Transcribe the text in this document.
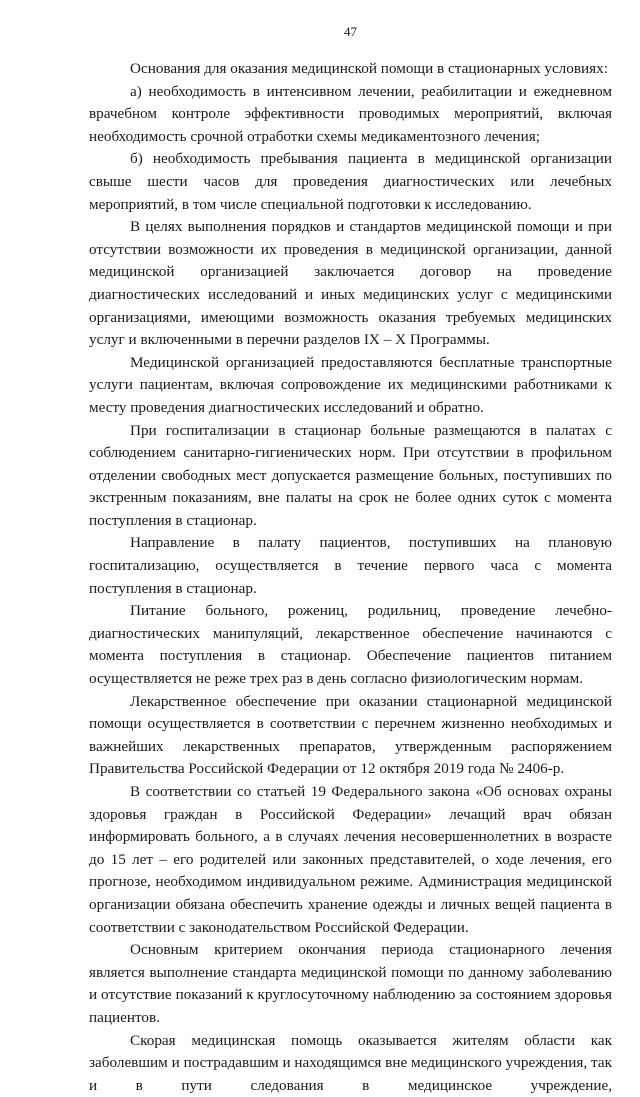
47

Основания для оказания медицинской помощи в стационарных условиях:

а) необходимость в интенсивном лечении, реабилитации и ежедневном врачебном контроле эффективности проводимых мероприятий, включая необходимость срочной отработки схемы медикаментозного лечения;

б) необходимость пребывания пациента в медицинской организации свыше шести часов для проведения диагностических или лечебных мероприятий, в том числе специальной подготовки к исследованию.

В целях выполнения порядков и стандартов медицинской помощи и при отсутствии возможности их проведения в медицинской организации, данной медицинской организацией заключается договор на проведение диагностических исследований и иных медицинских услуг с медицинскими организациями, имеющими возможность оказания требуемых медицинских услуг и включенными в перечни разделов IX – X Программы.

Медицинской организацией предоставляются бесплатные транспортные услуги пациентам, включая сопровождение их медицинскими работниками к месту проведения диагностических исследований и обратно.

При госпитализации в стационар больные размещаются в палатах с соблюдением санитарно-гигиенических норм. При отсутствии в профильном отделении свободных мест допускается размещение больных, поступивших по экстренным показаниям, вне палаты на срок не более одних суток с момента поступления в стационар.

Направление в палату пациентов, поступивших на плановую госпитализацию, осуществляется в течение первого часа с момента поступления в стационар.

Питание больного, рожениц, родильниц, проведение лечебно-диагностических манипуляций, лекарственное обеспечение начинаются с момента поступления в стационар. Обеспечение пациентов питанием осуществляется не реже трех раз в день согласно физиологическим нормам.

Лекарственное обеспечение при оказании стационарной медицинской помощи осуществляется в соответствии с перечнем жизненно необходимых и важнейших лекарственных препаратов, утвержденным распоряжением Правительства Российской Федерации от 12 октября 2019 года № 2406-р.

В соответствии со статьей 19 Федерального закона «Об основах охраны здоровья граждан в Российской Федерации» лечащий врач обязан информировать больного, а в случаях лечения несовершеннолетних в возрасте до 15 лет – его родителей или законных представителей, о ходе лечения, его прогнозе, необходимом индивидуальном режиме. Администрация медицинской организации обязана обеспечить хранение одежды и личных вещей пациента в соответствии с законодательством Российской Федерации.

Основным критерием окончания периода стационарного лечения является выполнение стандарта медицинской помощи по данному заболеванию и отсутствие показаний к круглосуточному наблюдению за состоянием здоровья пациентов.

Скорая медицинская помощь оказывается жителям области как заболевшим и пострадавшим и находящимся вне медицинского учреждения, так и в пути следования в медицинское учреждение,
